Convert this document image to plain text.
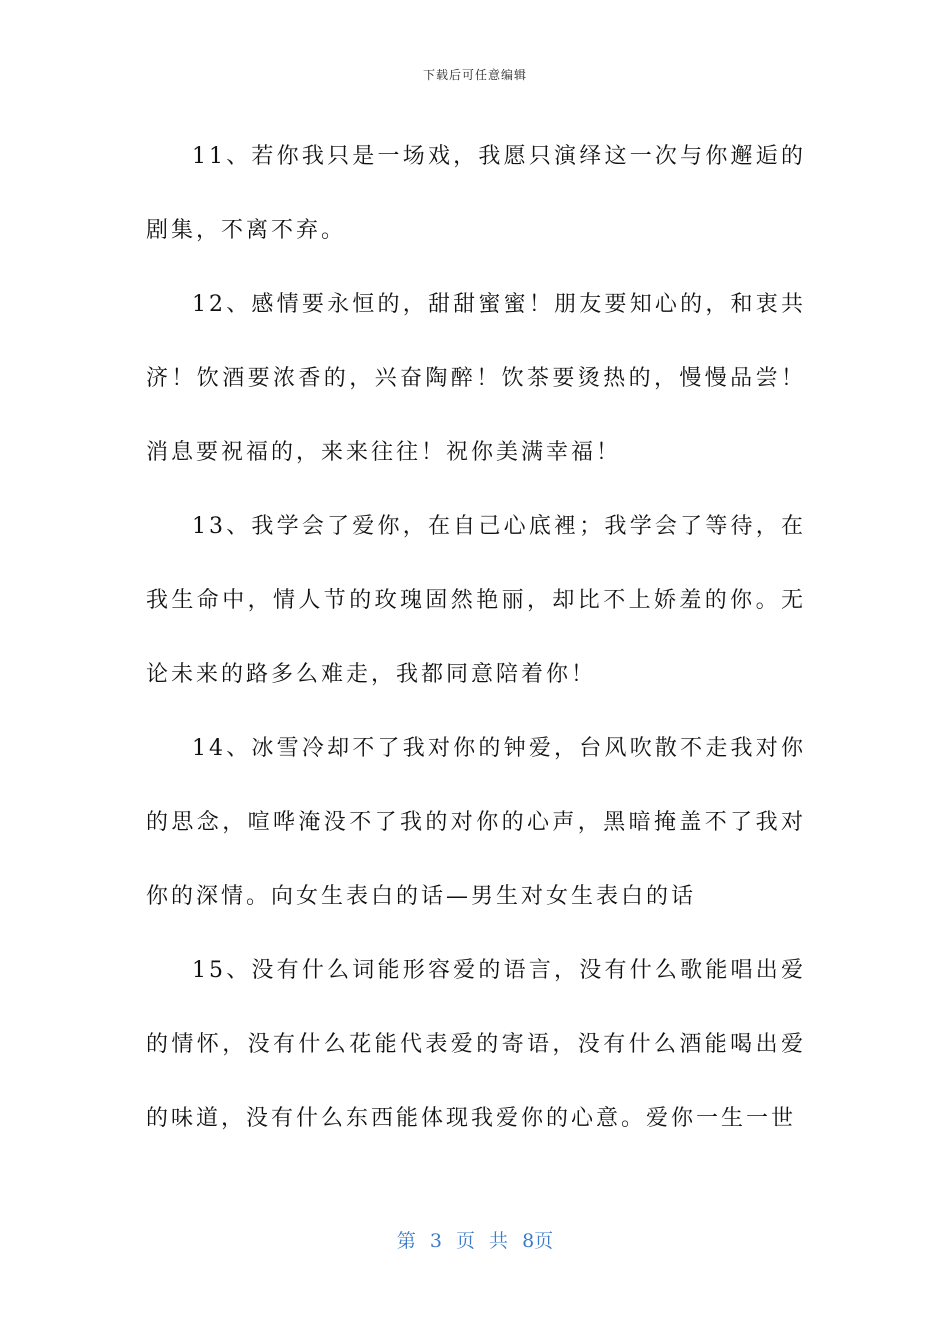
下载后可任意编辑

11、若你我只是一场戏，我愿只演绎这一次与你邂逅的剧集，不离不弃。

12、感情要永恒的，甜甜蜜蜜！朋友要知心的，和衷共济！饮酒要浓香的，兴奋陶醉！饮茶要烫热的，慢慢品尝！消息要祝福的，来来往往！祝你美满幸福！

13、我学会了爱你，在自己心底裡；我学会了等待，在我生命中，情人节的玫瑰固然艳丽，却比不上娇羞的你。无论未来的路多么难走，我都同意陪着你！

14、冰雪冷却不了我对你的钟爱，台风吹散不走我对你的思念，喧哗淹没不了我的对你的心声，黑暗掩盖不了我对你的深情。向女生表白的话—男生对女生表白的话

15、没有什么词能形容爱的语言，没有什么歌能唱出爱的情怀，没有什么花能代表爱的寄语，没有什么酒能喝出爱的味道，没有什么东西能体现我爱你的心意。爱你一生一世

第 3 页 共 8页
